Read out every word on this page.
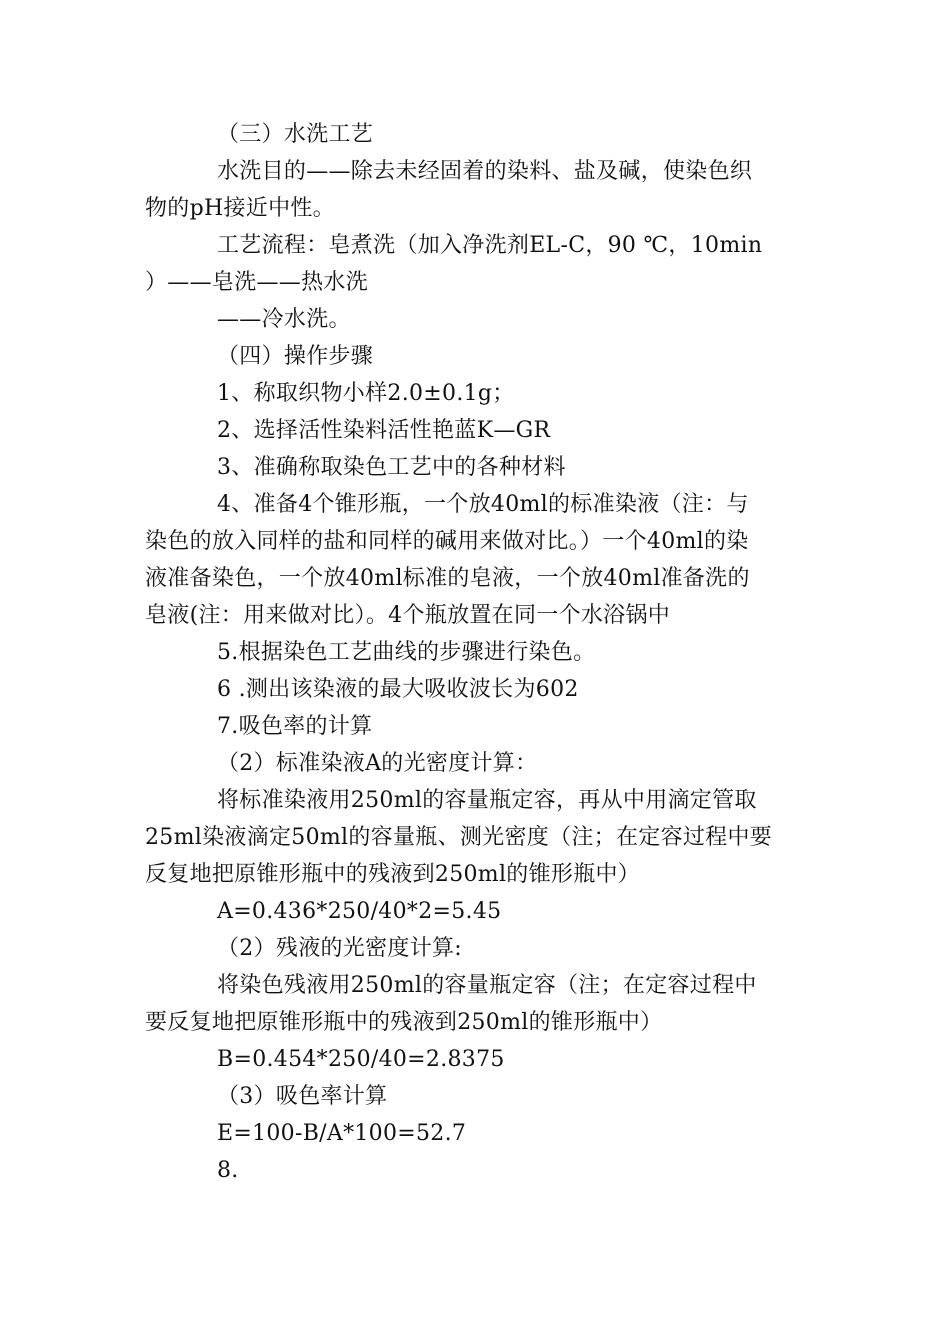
（三）水洗工艺
水洗目的——除去未经固着的染料、盐及碱，使染色织
物的pH接近中性。
工艺流程：皂煮洗（加入净洗剂EL-C，90 ℃，10min
）——皂洗——热水洗
——冷水洗。
（四）操作步骤
1、称取织物小样2.0±0.1g；
2、选择活性染料活性艳蓝K—GR
3、准确称取染色工艺中的各种材料
4、准备4个锥形瓶，一个放40ml的标准染液（注：与
染色的放入同样的盐和同样的碱用来做对比。）一个40ml的染
液准备染色，一个放40ml标准的皂液，一个放40ml准备洗的
皂液(注：用来做对比）。4个瓶放置在同一个水浴锅中
5.根据染色工艺曲线的步骤进行染色。
6 .测出该染液的最大吸收波长为602
7.吸色率的计算
（2）标准染液A的光密度计算：
将标准染液用250ml的容量瓶定容，再从中用滴定管取
25ml染液滴定50ml的容量瓶、测光密度（注；在定容过程中要
反复地把原锥形瓶中的残液到250ml的锥形瓶中）
A=0.436*250/40*2=5.45
（2）残液的光密度计算:
将染色残液用250ml的容量瓶定容（注；在定容过程中
要反复地把原锥形瓶中的残液到250ml的锥形瓶中）
B=0.454*250/40=2.8375
（3）吸色率计算
E=100-B/A*100=52.7
8.
